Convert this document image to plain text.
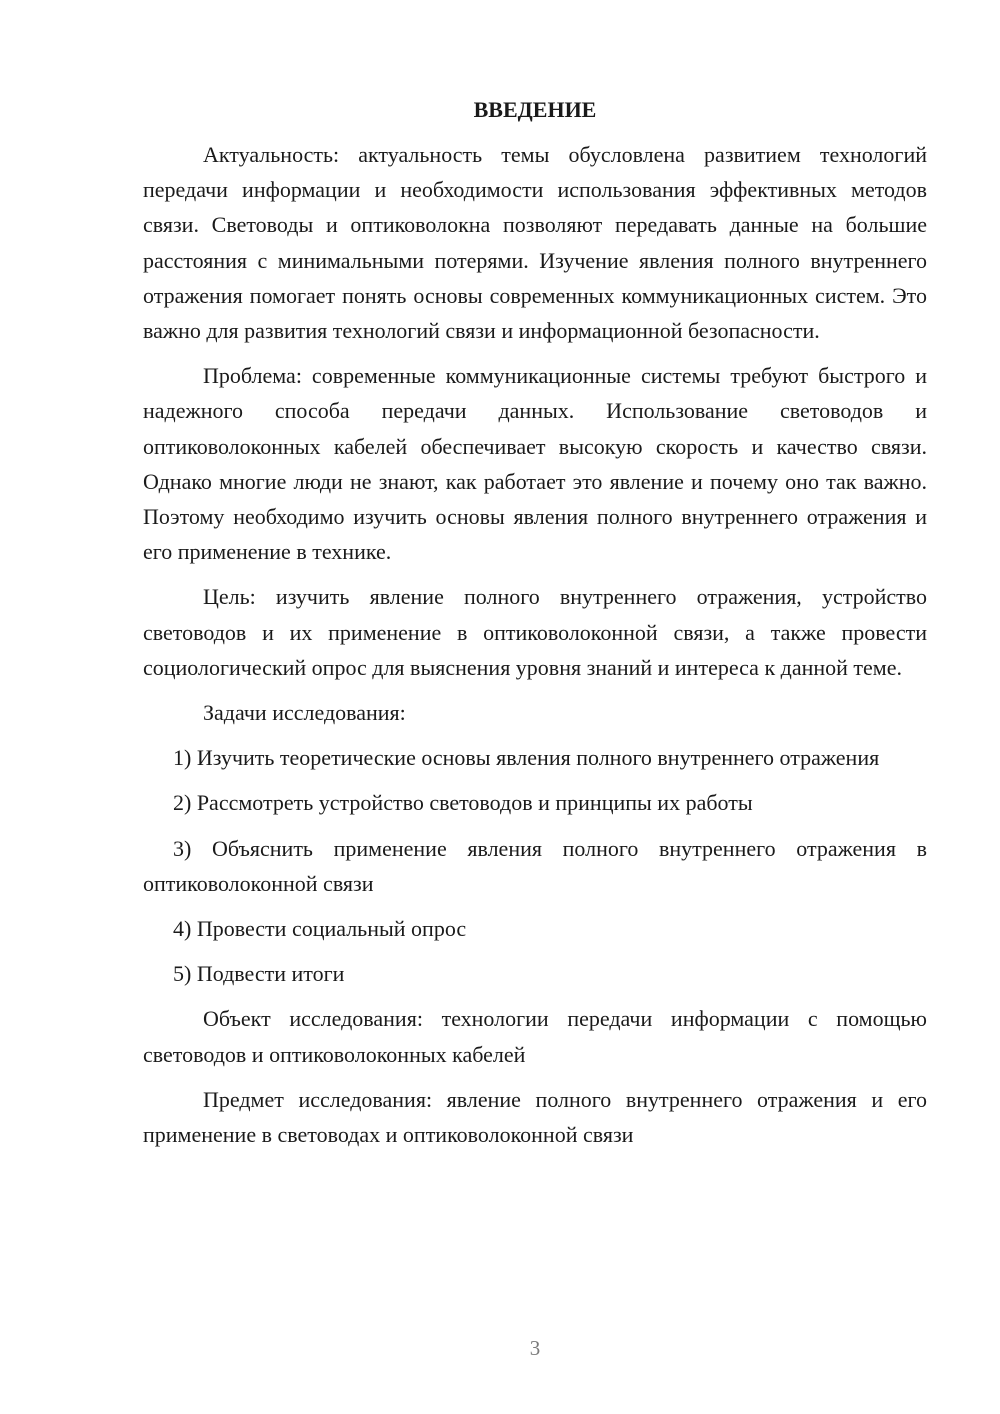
ВВЕДЕНИЕ

Актуальность: актуальность темы обусловлена развитием технологий передачи информации и необходимости использования эффективных методов связи. Световоды и оптиковолокна позволяют передавать данные на большие расстояния с минимальными потерями. Изучение явления полного внутреннего отражения помогает понять основы современных коммуникационных систем. Это важно для развития технологий связи и информационной безопасности.

Проблема: современные коммуникационные системы требуют быстрого и надежного способа передачи данных. Использование световодов и оптиковолоконных кабелей обеспечивает высокую скорость и качество связи. Однако многие люди не знают, как работает это явление и почему оно так важно. Поэтому необходимо изучить основы явления полного внутреннего отражения и его применение в технике.

Цель: изучить явление полного внутреннего отражения, устройство световодов и их применение в оптиковолоконной связи, а также провести социологический опрос для выяснения уровня знаний и интереса к данной теме.

Задачи исследования:

1) Изучить теоретические основы явления полного внутреннего отражения

2) Рассмотреть устройство световодов и принципы их работы

3) Объяснить применение явления полного внутреннего отражения в оптиковолоконной связи

4) Провести социальный опрос

5) Подвести итоги

Объект исследования: технологии передачи информации с помощью световодов и оптиковолоконных кабелей

Предмет исследования: явление полного внутреннего отражения и его применение в световодах и оптиковолоконной связи

3
